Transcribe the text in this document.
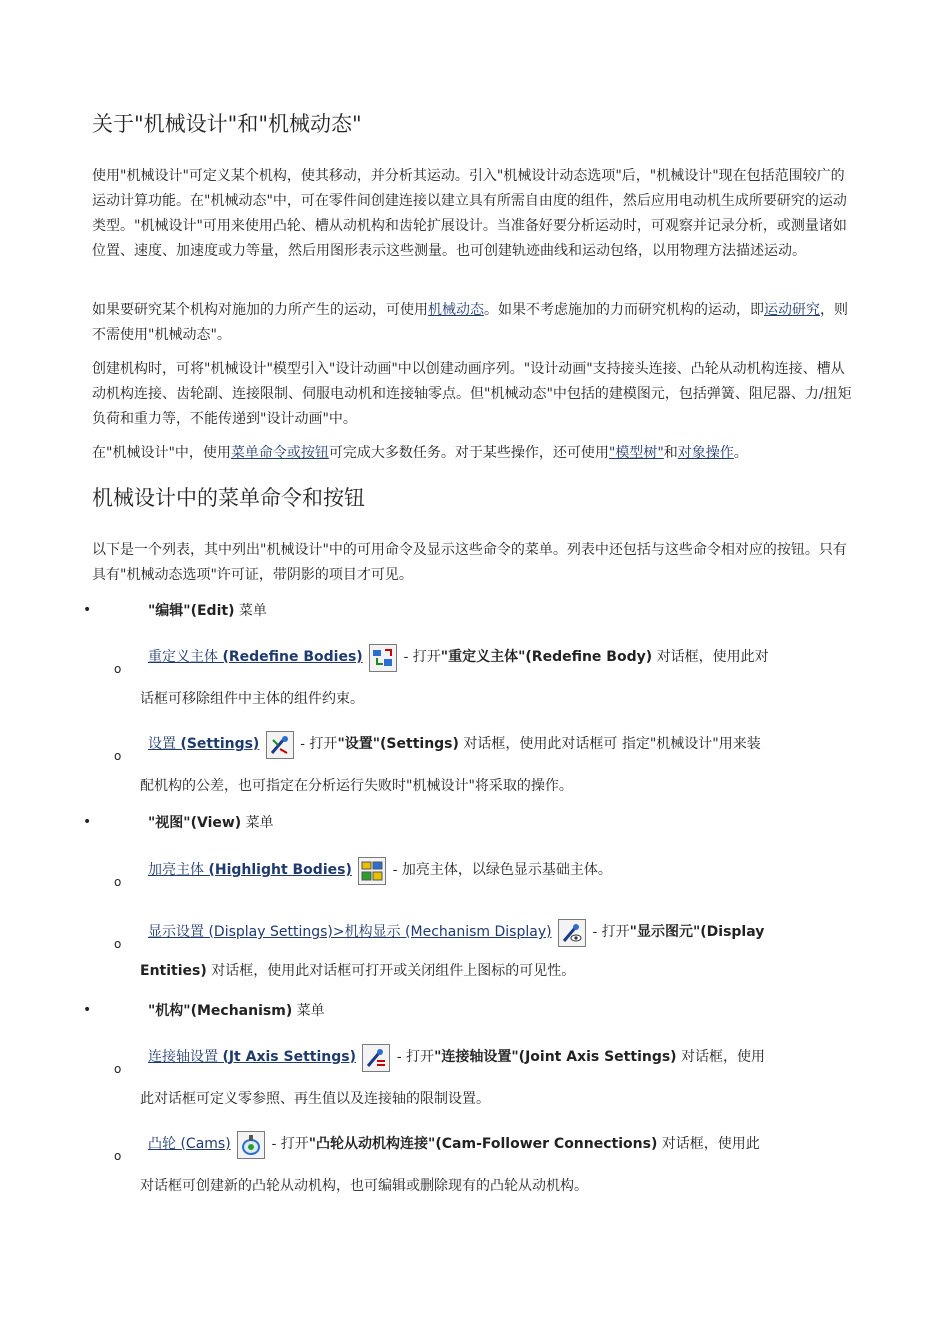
关于"机械设计"和"机械动态"

使用"机械设计"可定义某个机构，使其移动，并分析其运动。引入"机械设计动态选项"后，"机械设计"现在包括范围较广的运动计算功能。在"机械动态"中，可在零件间创建连接以建立具有所需自由度的组件，然后应用电动机生成所要研究的运动类型。"机械设计"可用来使用凸轮、槽从动机构和齿轮扩展设计。当准备好要分析运动时，可观察并记录分析，或测量诸如位置、速度、加速度或力等量，然后用图形表示这些测量。也可创建轨迹曲线和运动包络，以用物理方法描述运动。

如果要研究某个机构对施加的力所产生的运动，可使用机械动态。如果不考虑施加的力而研究机构的运动，即运动研究，则不需使用"机械动态"。

创建机构时，可将"机械设计"模型引入"设计动画"中以创建动画序列。"设计动画"支持接头连接、凸轮从动机构连接、槽从动机构连接、齿轮副、连接限制、伺服电动机和连接轴零点。但"机械动态"中包括的建模图元，包括弹簧、阻尼器、力/扭矩负荷和重力等，不能传递到"设计动画"中。

在"机械设计"中，使用菜单命令或按钮可完成大多数任务。对于某些操作，还可使用"模型树"和对象操作。

机械设计中的菜单命令和按钮

以下是一个列表，其中列出"机械设计"中的可用命令及显示这些命令的菜单。列表中还包括与这些命令相对应的按钮。只有具有"机械动态选项"许可证，带阴影的项目才可见。

•	"编辑"(Edit) 菜单
o
重定义主体 (Redefine Bodies)	- 打开"重定义主体"(Redefine Body) 对话框，使用此对
话框可移除组件中主体的组件约束。
o
设置 (Settings)	- 打开"设置"(Settings) 对话框，使用此对话框可 指定"机械设计"用来装
配机构的公差，也可指定在分析运行失败时"机械设计"将采取的操作。
•	"视图"(View) 菜单
o
加亮主体 (Highlight Bodies)	- 加亮主体，以绿色显示基础主体。
o
显示设置 (Display Settings)>机构显示 (Mechanism Display)	- 打开"显示图元"(Display
Entities) 对话框，使用此对话框可打开或关闭组件上图标的可见性。
•	"机构"(Mechanism) 菜单
o
连接轴设置 (Jt Axis Settings)	- 打开"连接轴设置"(Joint Axis Settings) 对话框，使用
此对话框可定义零参照、再生值以及连接轴的限制设置。
o
凸轮 (Cams)	- 打开"凸轮从动机构连接"(Cam-Follower Connections) 对话框，使用此
对话框可创建新的凸轮从动机构，也可编辑或删除现有的凸轮从动机构。
